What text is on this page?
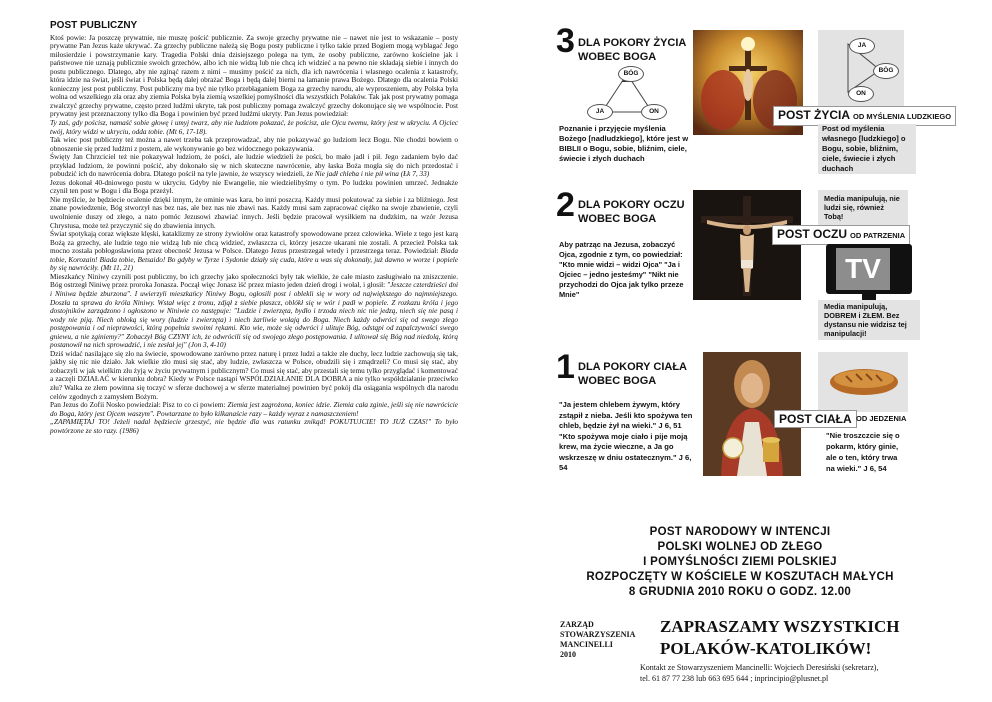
POST PUBLICZNY

Ktoś powie: Ja poszczę prywatnie, nie muszę pościć publicznie. Za swoje grzechy prywatne nie – nawet nie jest to wskazanie – posty prywatne Pan Jezus każe ukrywać. Za grzechy publiczne należą się Bogu posty publiczne i tylko takie przed Bogiem mogą wybłagać Jego miłosierdzie i powstrzymanie kary. Tragedia Polski dnia dzisiejszego polega na tym, że osoby publiczne, zarówno kościelne jak i państwowe nie uznają publicznie swoich grzechów, albo ich nie widzą lub nie chcą ich widzieć a na pewno nie składają siebie i innych do postu publicznego. Dlatego, aby nie zginąć razem z nimi – musimy pościć za nich, dla ich nawrócenia i własnego ocalenia z katastrofy, która idzie na świat, jeśli świat i Polska będą dalej obrażać Boga i będą dalej bierni na łamanie prawa Bożego. Dlatego dla ocalenia Polski konieczny jest post publiczny. Post publiczny ma być nie tylko przebłaganiem Boga za grzechy narodu, ale wyproszeniem, aby Polska była wolna od wszelkiego zła oraz aby ziemia Polska była ziemią wszelkiej pomyślności dla wszystkich Polaków. Tak jak post prywatny pomaga zwalczyć grzechy prywatne, często przed ludźmi ukryte, tak post publiczny pomaga zwalczyć grzechy dokonujące się we wspólnocie. Post prywatny jest przeznaczony tylko dla Boga i powinien być przed ludźmi ukryty. Pan Jezus powiedział:

Ty zaś, gdy pościsz, namaść sobie głowę i umyj twarz, aby nie ludziom pokazać, że pościsz, ale Ojcu twemu, który jest w ukryciu. A Ojciec twój, który widzi w ukryciu, odda tobie. (Mt 6, 17-18).

Tak wiec post publiczny też można a nawet trzeba tak przeprowadzać, aby nie pokazywać go ludziom lecz Bogu. Nie chodzi bowiem o obnoszenie się przed ludźmi z postem, ale wykonywanie go bez widocznego pokazywania.

Święty Jan Chrzciciel też nie pokazywał ludziom, że pości, ale ludzie wiedzieli że pości, bo mało jadł i pił. Jego zadaniem było dać przykład ludziom, że powinni pościć, aby dokonało się w nich skuteczne nawrócenie, aby łaska Boża mogła się do nich przedostać i pobudzić ich do nawrócenia dobra. Dlatego pościł na tyle jawnie, że wszyscy wiedzieli, że Nie jadł chleba i nie pił wina (Łk 7, 33)

Jezus dokonał 40-dniowego postu w ukryciu. Gdyby nie Ewangelie, nie wiedzielibyśmy o tym. Po ludzku powinien umrzeć. Jednakże czynił ten post w Bogu i dla Boga przeżył.

Nie myślcie, że będziecie ocalenie dzięki innym, że ominie was kara, bo inni poszczą. Każdy musi pokutować za siebie i za bliźniego. Jest znane powiedzenie, Bóg stworzył nas bez nas, ale bez nas nie zbawi nas. Każdy musi sam zapracować ciężko na swoje zbawienie, czyli uwolnienie duszy od złego, a nato pomóc Jezusowi zbawiać innych. Jeśli będzie pracował wysiłkiem na dudzkim, na wzór Jezusa Chrystusa, może też przyczynić się do zbawienia innych.

Świat spotykają coraz większe klęski, kataklizmy ze strony żywiołów oraz katastrofy spowodowane przez człowieka. Wiele z tego jest karą Bożą za grzechy, ale ludzie tego nie widzą lub nie chcą widzieć, zwłaszcza ci, którzy jeszcze ukarani nie zostali. A przecież Polska tak mocno została pobłogosławiona przez obecność Jezusa w Polsce. Dlatego Jezus przestrzegał wtedy i przestrzega teraz. Powiedział: Biada tobie, Korozain! Biada tobie, Betsaido! Bo gdyby w Tyrze i Sydonie działy się cuda, które u was się dokonały, już dawno w worze i popiele by się nawróciły. (Mt 11, 21)

Mieszkańcy Niniwy czynili post publiczny, bo ich grzechy jako społeczności były tak wielkie, że całe miasto zasługiwało na zniszczenie. Bóg ostrzegł Niniwę przez proroka Jonasza. Począł więc Jonasz iść przez miasto jeden dzień drogi i wołał, i głosił: "Jeszcze czterdzieści dni i Niniwa będzie zburzona". I uwierzyli mieszkańcy Niniwy Bogu, ogłosili post i oblekli się w wory od największego do najmniejszego. Doszła ta sprawa do króla Niniwy. Wstał więc z tronu, zdjął z siebie płaszcz, oblókł się w wór i padł w popiele. Z rozkazu króla i jego dostojników zarządzono i ogłoszono w Niniwie co następuje: "Ludzie i zwierzęta, bydło i trzoda niech nic nie jedzą, niech się nie pasą i wody nie piją. Niech obloką się wory (ludzie i zwierzęta) i niech żarliwie wołają do Boga. Niech każdy odwróci się od swego złego postępowania i od nieprawości, którą popełnia swoimi rękami. Kto wie, może się odwróci i ulituje Bóg, odstąpi od zapalczywości swego gniewu, a nie zginiemy?" Zobaczył Bóg CZYNY ich, że odwrócili się od swojego złego postępowania. I ulitował się Bóg nad niedolą, którą postanowił na nich sprowadzić, i nie zesłał jej" (Jon 3, 4-10)

Dziś widać nasilające się zło na świecie, spowodowane zarówno przez naturę i przez ludzi a także złe duchy, lecz ludzie zachowują się tak, jakby się nic nie działo. Jak wielkie zło musi się stać, aby ludzie, zwłaszcza w Polsce, obudzili się i zmądrzeli? Co musi się stać, aby zobaczyli w jak wielkim złu żyją w życiu prywatnym i publicznym? Co musi się stać, aby przestali się temu tylko przyglądać i komentować a zaczęli DZIAŁAĆ w kierunku dobra? Kiedy w Polsce nastąpi WSPÓLDZIAŁANIE DLA DOBRA a nie tylko współdziałanie przeciwko złu? Walka ze złem powinna się toczyć w sferze duchowej a w sferze materialnej powinien być pokój dla osiągania wspólnych dla narodu celów zgodnych z zamysłem Bożym.

Pan Jezus do Zofii Nosko powiedział: Pisz to co ci powiem: Ziemia jest zagrożona, koniec idzie. Ziemia cała zginie, jeśli się nie nawrócicie do Boga, który jest Ojcem waszym". Powtarzane to było kilkanaście razy – każdy wyraz z namaszczeniem!

„ZAPAMIĘTAJ TO! Jeżeli nadal będziecie grzeszyć, nie będzie dla was ratunku znikąd! POKUTUJCIE! TO JUŻ CZAS!" To było powtórzone ze sto razy. (1986)

3 DLA POKORY ŻYCIA
WOBEC BOGA
BÓG
JA	ON
JA
BÓG
ON
Poznanie i przyjęcie myślenia Bożego [nadludzkiego], które jest w BIBLII o Bogu, sobie, bliźnim, ciele, świecie i złych duchach
POST ŻYCIA OD MYŚLENIA LUDZKIEGO
Post od myślenia własnego [ludzkiego] o Bogu, sobie, bliźnim, ciele, świecie i złych duchach
2 DLA POKORY OCZU
WOBEC BOGA
Aby patrząc na Jezusa, zobaczyć Ojca, zgodnie z tym, co powiedział: "Kto mnie widzi – widzi Ojca" "Ja i Ojciec – jedno jesteśmy" "Nikt nie przychodzi do Ojca jak tylko przeze Mnie"
Media manipulują, nie ludzi się, również Tobą!
POST OCZU OD PATRZENIA
TV
Media manipulują, DOBREM i ZŁEM. Bez dystansu nie widzisz tej manipulacji!
1 DLA POKORY CIAŁA
WOBEC BOGA
"Ja jestem chlebem żywym, który zstąpił z nieba. Jeśli kto spożywa ten chleb, będzie żył na wieki." J 6, 51 "Kto spożywa moje ciało i pije moją krew, ma życie wieczne, a Ja go wskrzeszę w dniu ostatecznym." J 6, 54
POST CIAŁA OD JEDZENIA
"Nie troszczcie się o pokarm, który ginie, ale o ten, który trwa na wieki." J 6, 54
POST NARODOWY W INTENCJI
POLSKI WOLNEJ OD ZŁEGO
I POMYŚLNOŚCI ZIEMI POLSKIEJ
ROZPOCZĘTY W KOŚCIELE W KOSZUTACH MAŁYCH
8 GRUDNIA 2010 ROKU O GODZ. 12.00
ZARZĄD
STOWARZYSZENIA
MANCINELLI
2010
ZAPRASZAMY WSZYSTKICH
POLAKÓW-KATOLIKÓW!
Kontakt ze Stowarzyszeniem Mancinelli: Wojciech Deresiński (sekretarz),
tel. 61 87 77 238 lub 663 695 644 ; inprincipio@plusnet.pl
